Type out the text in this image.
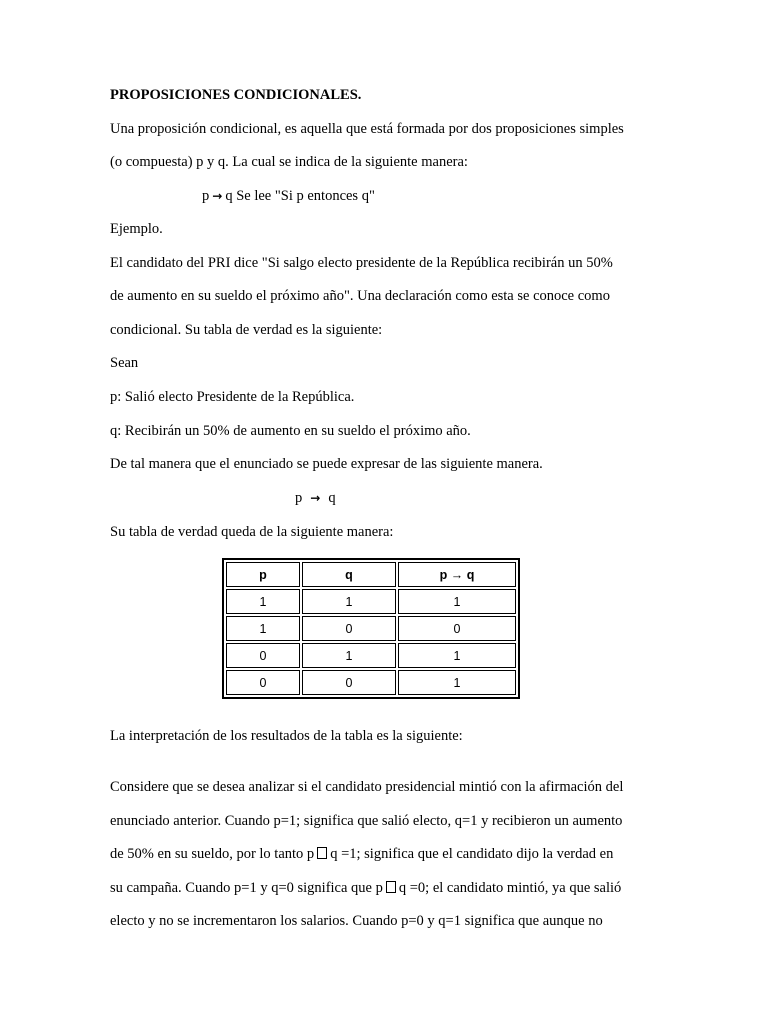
PROPOSICIONES CONDICIONALES.
Una proposición condicional, es aquella que está formada por dos proposiciones simples
(o compuesta) p y q. La cual se indica de la siguiente manera:
p → q Se lee "Si p entonces q"
Ejemplo.
El candidato del PRI dice "Si salgo electo presidente de la República recibirán un 50%
de aumento en su sueldo el próximo año". Una declaración como esta se conoce como
condicional. Su tabla de verdad es la siguiente:
Sean
p: Salió electo Presidente de la República.
q: Recibirán un 50% de aumento en su sueldo el próximo año.
De tal manera que el enunciado se puede expresar de las siguiente manera.
p → q
Su tabla de verdad queda de la siguiente manera:
p	q	p → q
1	1	1
1	0	0
0	1	1
0	0	1
La interpretación de los resultados de la tabla es la siguiente:
Considere que se desea analizar si el candidato presidencial mintió con la afirmación del
enunciado anterior. Cuando p=1; significa que salió electo, q=1 y recibieron un aumento
de 50% en su sueldo, por lo tanto p q =1; significa que el candidato dijo la verdad en
su campaña. Cuando p=1 y q=0 significa que p q =0; el candidato mintió, ya que salió
electo y no se incrementaron los salarios. Cuando p=0 y q=1 significa que aunque no
